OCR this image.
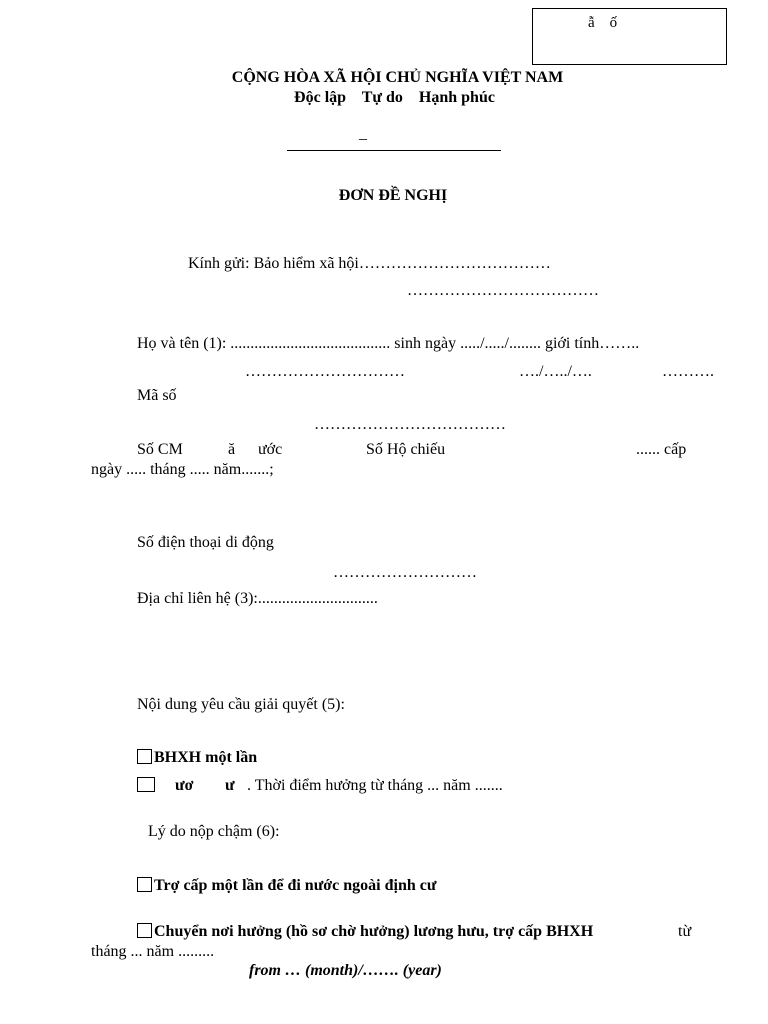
ẫ    ố
CỘNG HÒA XÃ HỘI CHỦ NGHĨA VIỆT NAM
Độc lập    Tự do    Hạnh phúc
_
ĐƠN ĐỀ NGHỊ
Kính gửi: Bảo hiểm xã hội………………………………
………………………………
Họ và tên (1): ........................................ sinh ngày ...../...../........ giới tính……..
…………………………	…./…../….	……….
Mã số
………………………………
Số CM	ă ước	Số Hộ chiếu	...... cấp
ngày ..... tháng ..... năm.......;
Số điện thoại di động
………………………
Địa chỉ liên hệ (3):..............................
Nội dung yêu cầu giải quyết (5):
BHXH một lần
ươ ư . Thời điểm hưởng từ tháng ... năm .......
Lý do nộp chậm (6):
Trợ cấp một lần để đi nước ngoài định cư
Chuyển nơi hưởng (hồ sơ chờ hưởng) lương hưu, trợ cấp BHXH	từ
tháng ... năm .........
from … (month)/……. (year)
